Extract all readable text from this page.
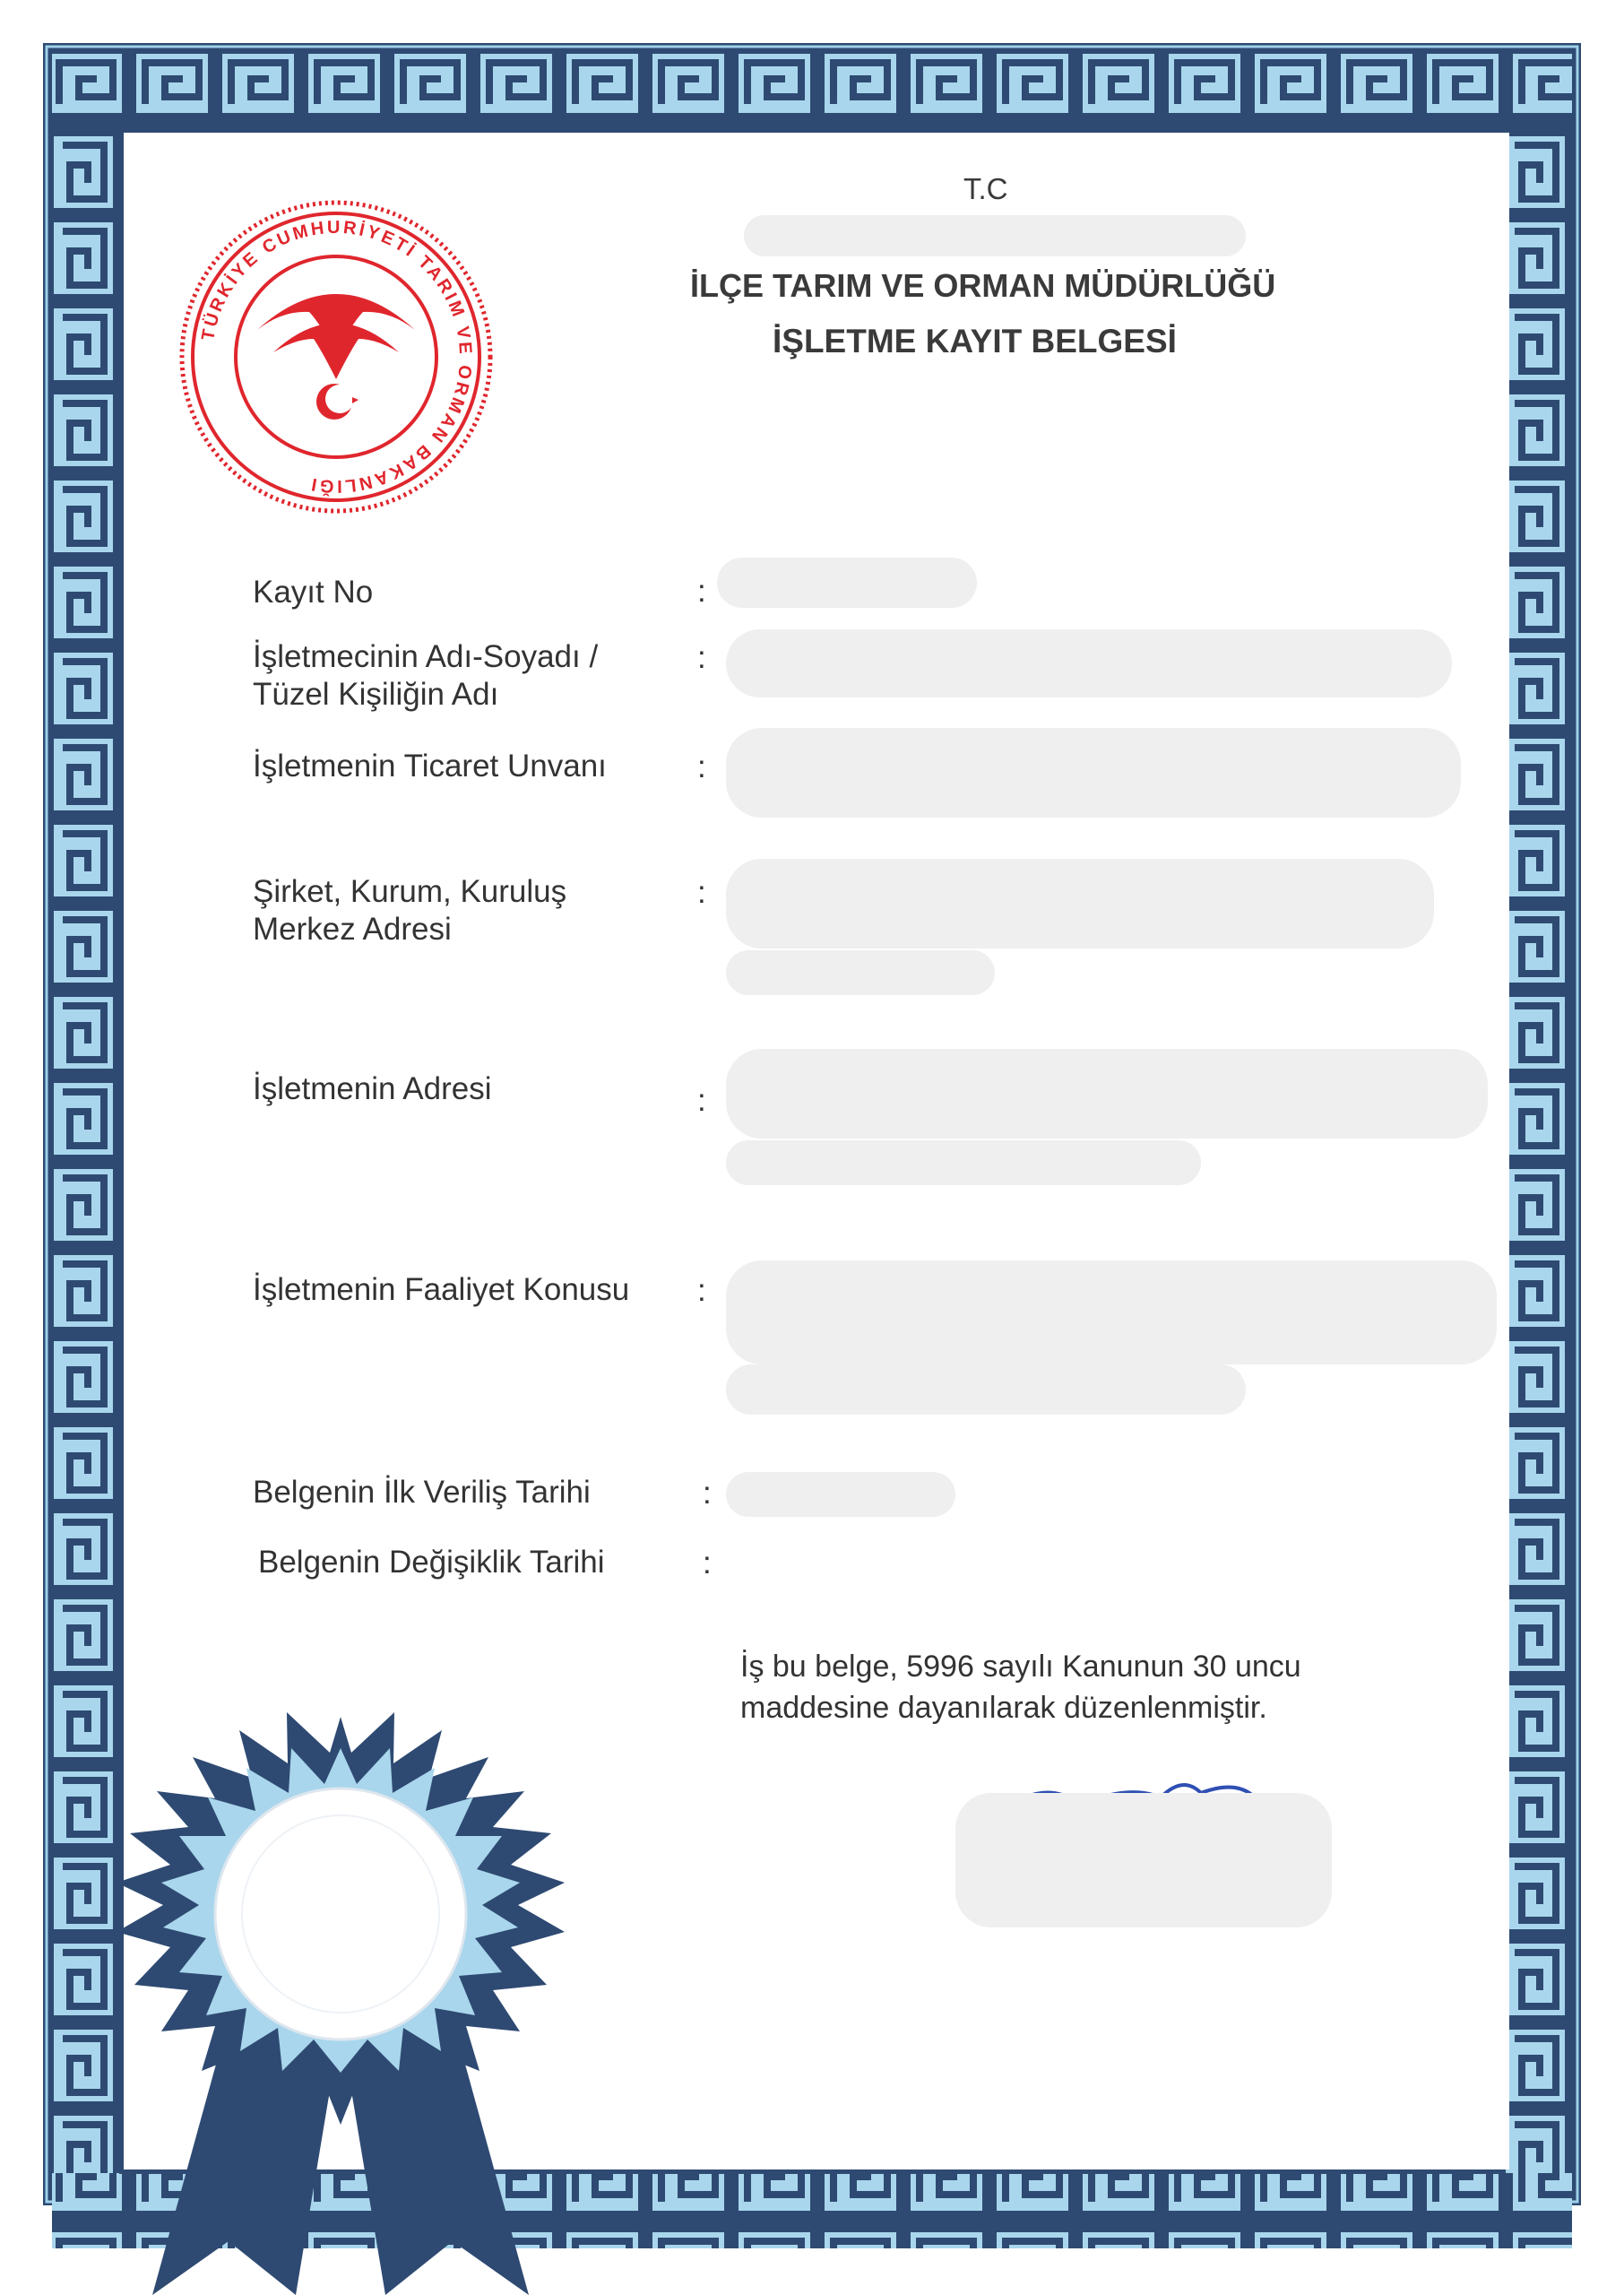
TÜRKİYE CUMHURİYETİ TARIM VE ORMAN BAKANLIĞI
T.C
İLÇE TARIM VE ORMAN MÜDÜRLÜĞÜ
İŞLETME KAYIT BELGESİ
Kayıt No	:
İşletmecinin Adı-Soyadı / Tüzel Kişiliğin Adı
:
İşletmenin Ticaret Unvanı	:
Şirket, Kurum, Kuruluş Merkez Adresi
:
İşletmenin Adresi	:
İşletmenin Faaliyet Konusu	:
Belgenin İlk Veriliş Tarihi	:
Belgenin Değişiklik Tarihi	:
İş bu belge, 5996 sayılı Kanunun 30 uncu maddesine dayanılarak düzenlenmiştir.
